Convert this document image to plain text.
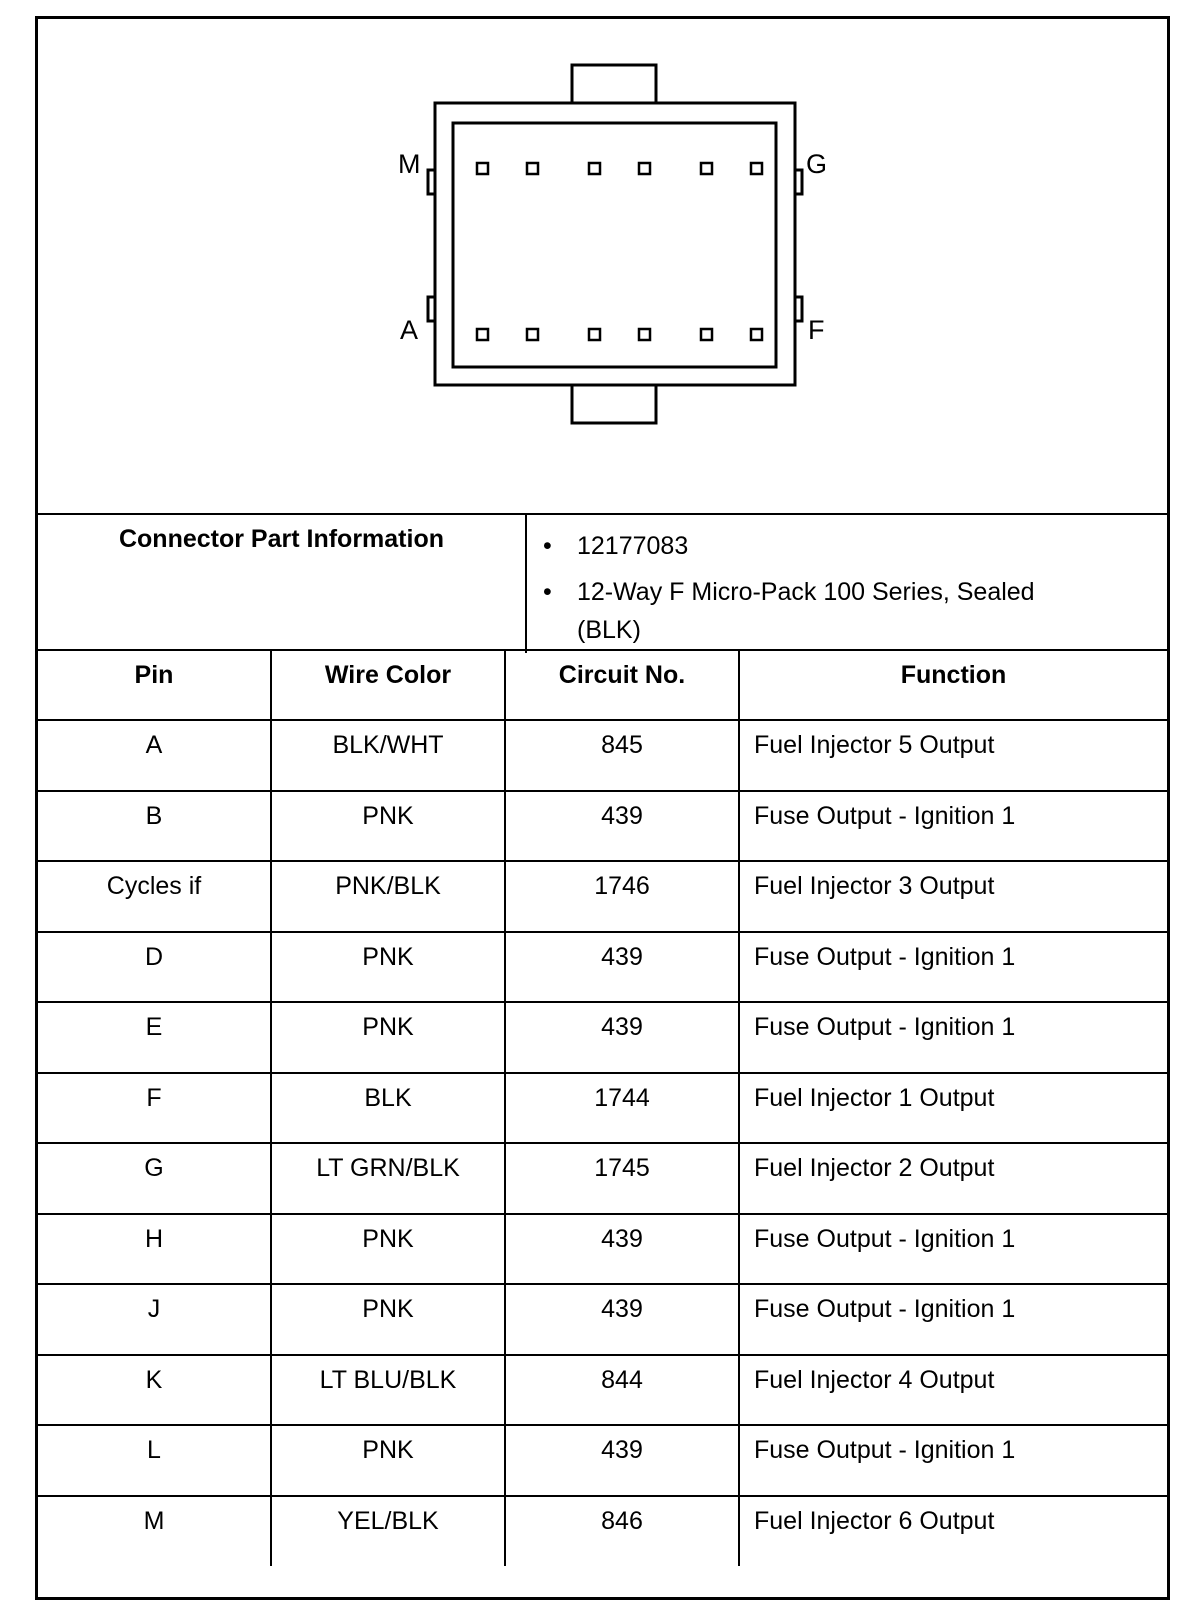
M	G
A	F
Connector Part Information	•	12177083
•	12-Way F Micro-Pack 100 Series, Sealed (BLK)
Pin	Wire Color	Circuit No.	Function
A	BLK/WHT	845	Fuel Injector 5 Output
B	PNK	439	Fuse Output - Ignition 1
Cycles if	PNK/BLK	1746	Fuel Injector 3 Output
D	PNK	439	Fuse Output - Ignition 1
E	PNK	439	Fuse Output - Ignition 1
F	BLK	1744	Fuel Injector 1 Output
G	LT GRN/BLK	1745	Fuel Injector 2 Output
H	PNK	439	Fuse Output - Ignition 1
J	PNK	439	Fuse Output - Ignition 1
K	LT BLU/BLK	844	Fuel Injector 4 Output
L	PNK	439	Fuse Output - Ignition 1
M	YEL/BLK	846	Fuel Injector 6 Output
